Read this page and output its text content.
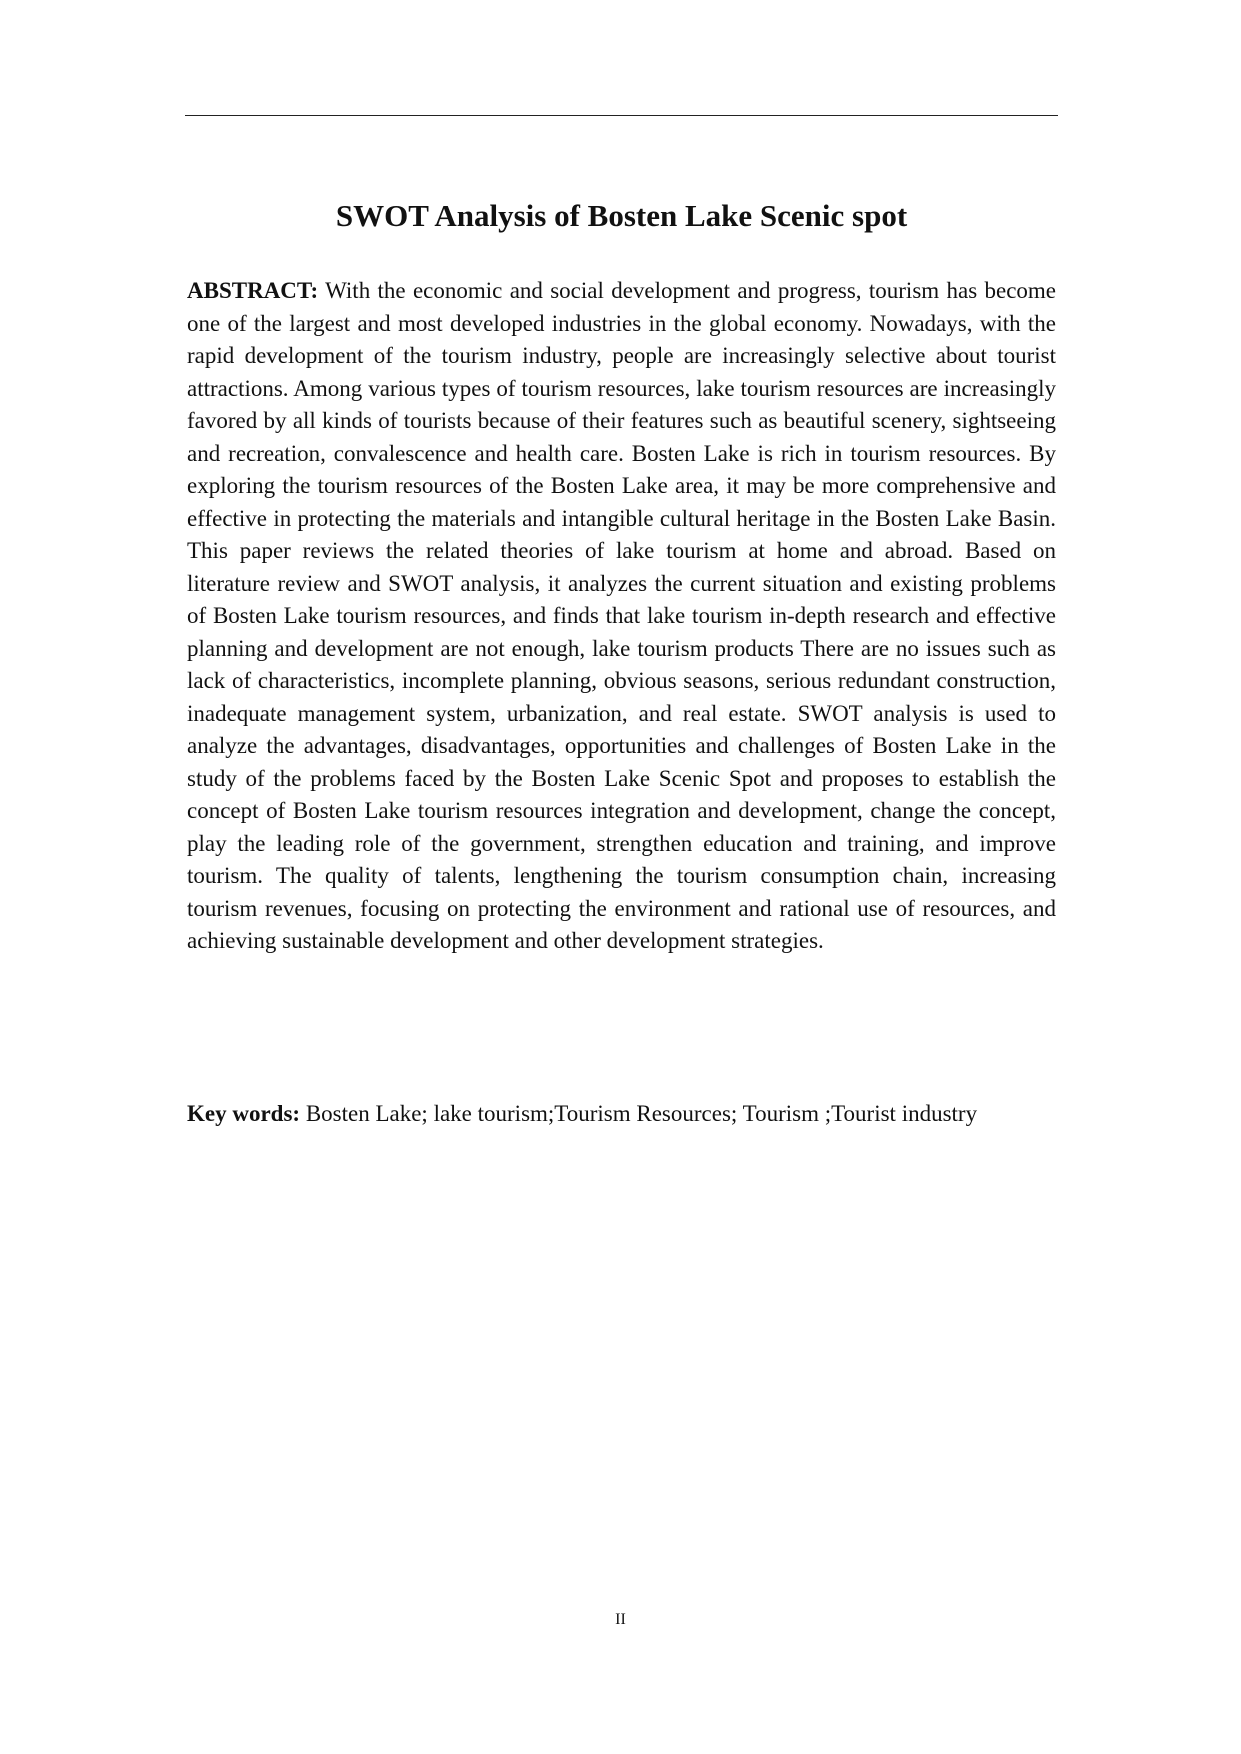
SWOT Analysis of Bosten Lake Scenic spot

ABSTRACT: With the economic and social development and progress, tourism has become one of the largest and most developed industries in the global economy. Nowadays, with the rapid development of the tourism industry, people are increasingly selective about tourist attractions. Among various types of tourism resources, lake tourism resources are increasingly favored by all kinds of tourists because of their features such as beautiful scenery, sightseeing and recreation, convalescence and health care. Bosten Lake is rich in tourism resources. By exploring the tourism resources of the Bosten Lake area, it may be more comprehensive and effective in protecting the materials and intangible cultural heritage in the Bosten Lake Basin. This paper reviews the related theories of lake tourism at home and abroad. Based on literature review and SWOT analysis, it analyzes the current situation and existing problems of Bosten Lake tourism resources, and finds that lake tourism in-depth research and effective planning and development are not enough, lake tourism products There are no issues such as lack of characteristics, incomplete planning, obvious seasons, serious redundant construction, inadequate management system, urbanization, and real estate. SWOT analysis is used to analyze the advantages, disadvantages, opportunities and challenges of Bosten Lake in the study of the problems faced by the Bosten Lake Scenic Spot and proposes to establish the concept of Bosten Lake tourism resources integration and development, change the concept, play the leading role of the government, strengthen education and training, and improve tourism. The quality of talents, lengthening the tourism consumption chain, increasing tourism revenues, focusing on protecting the environment and rational use of resources, and achieving sustainable development and other development strategies.

Key words: Bosten Lake; lake tourism;Tourism Resources; Tourism ;Tourist industry

II
